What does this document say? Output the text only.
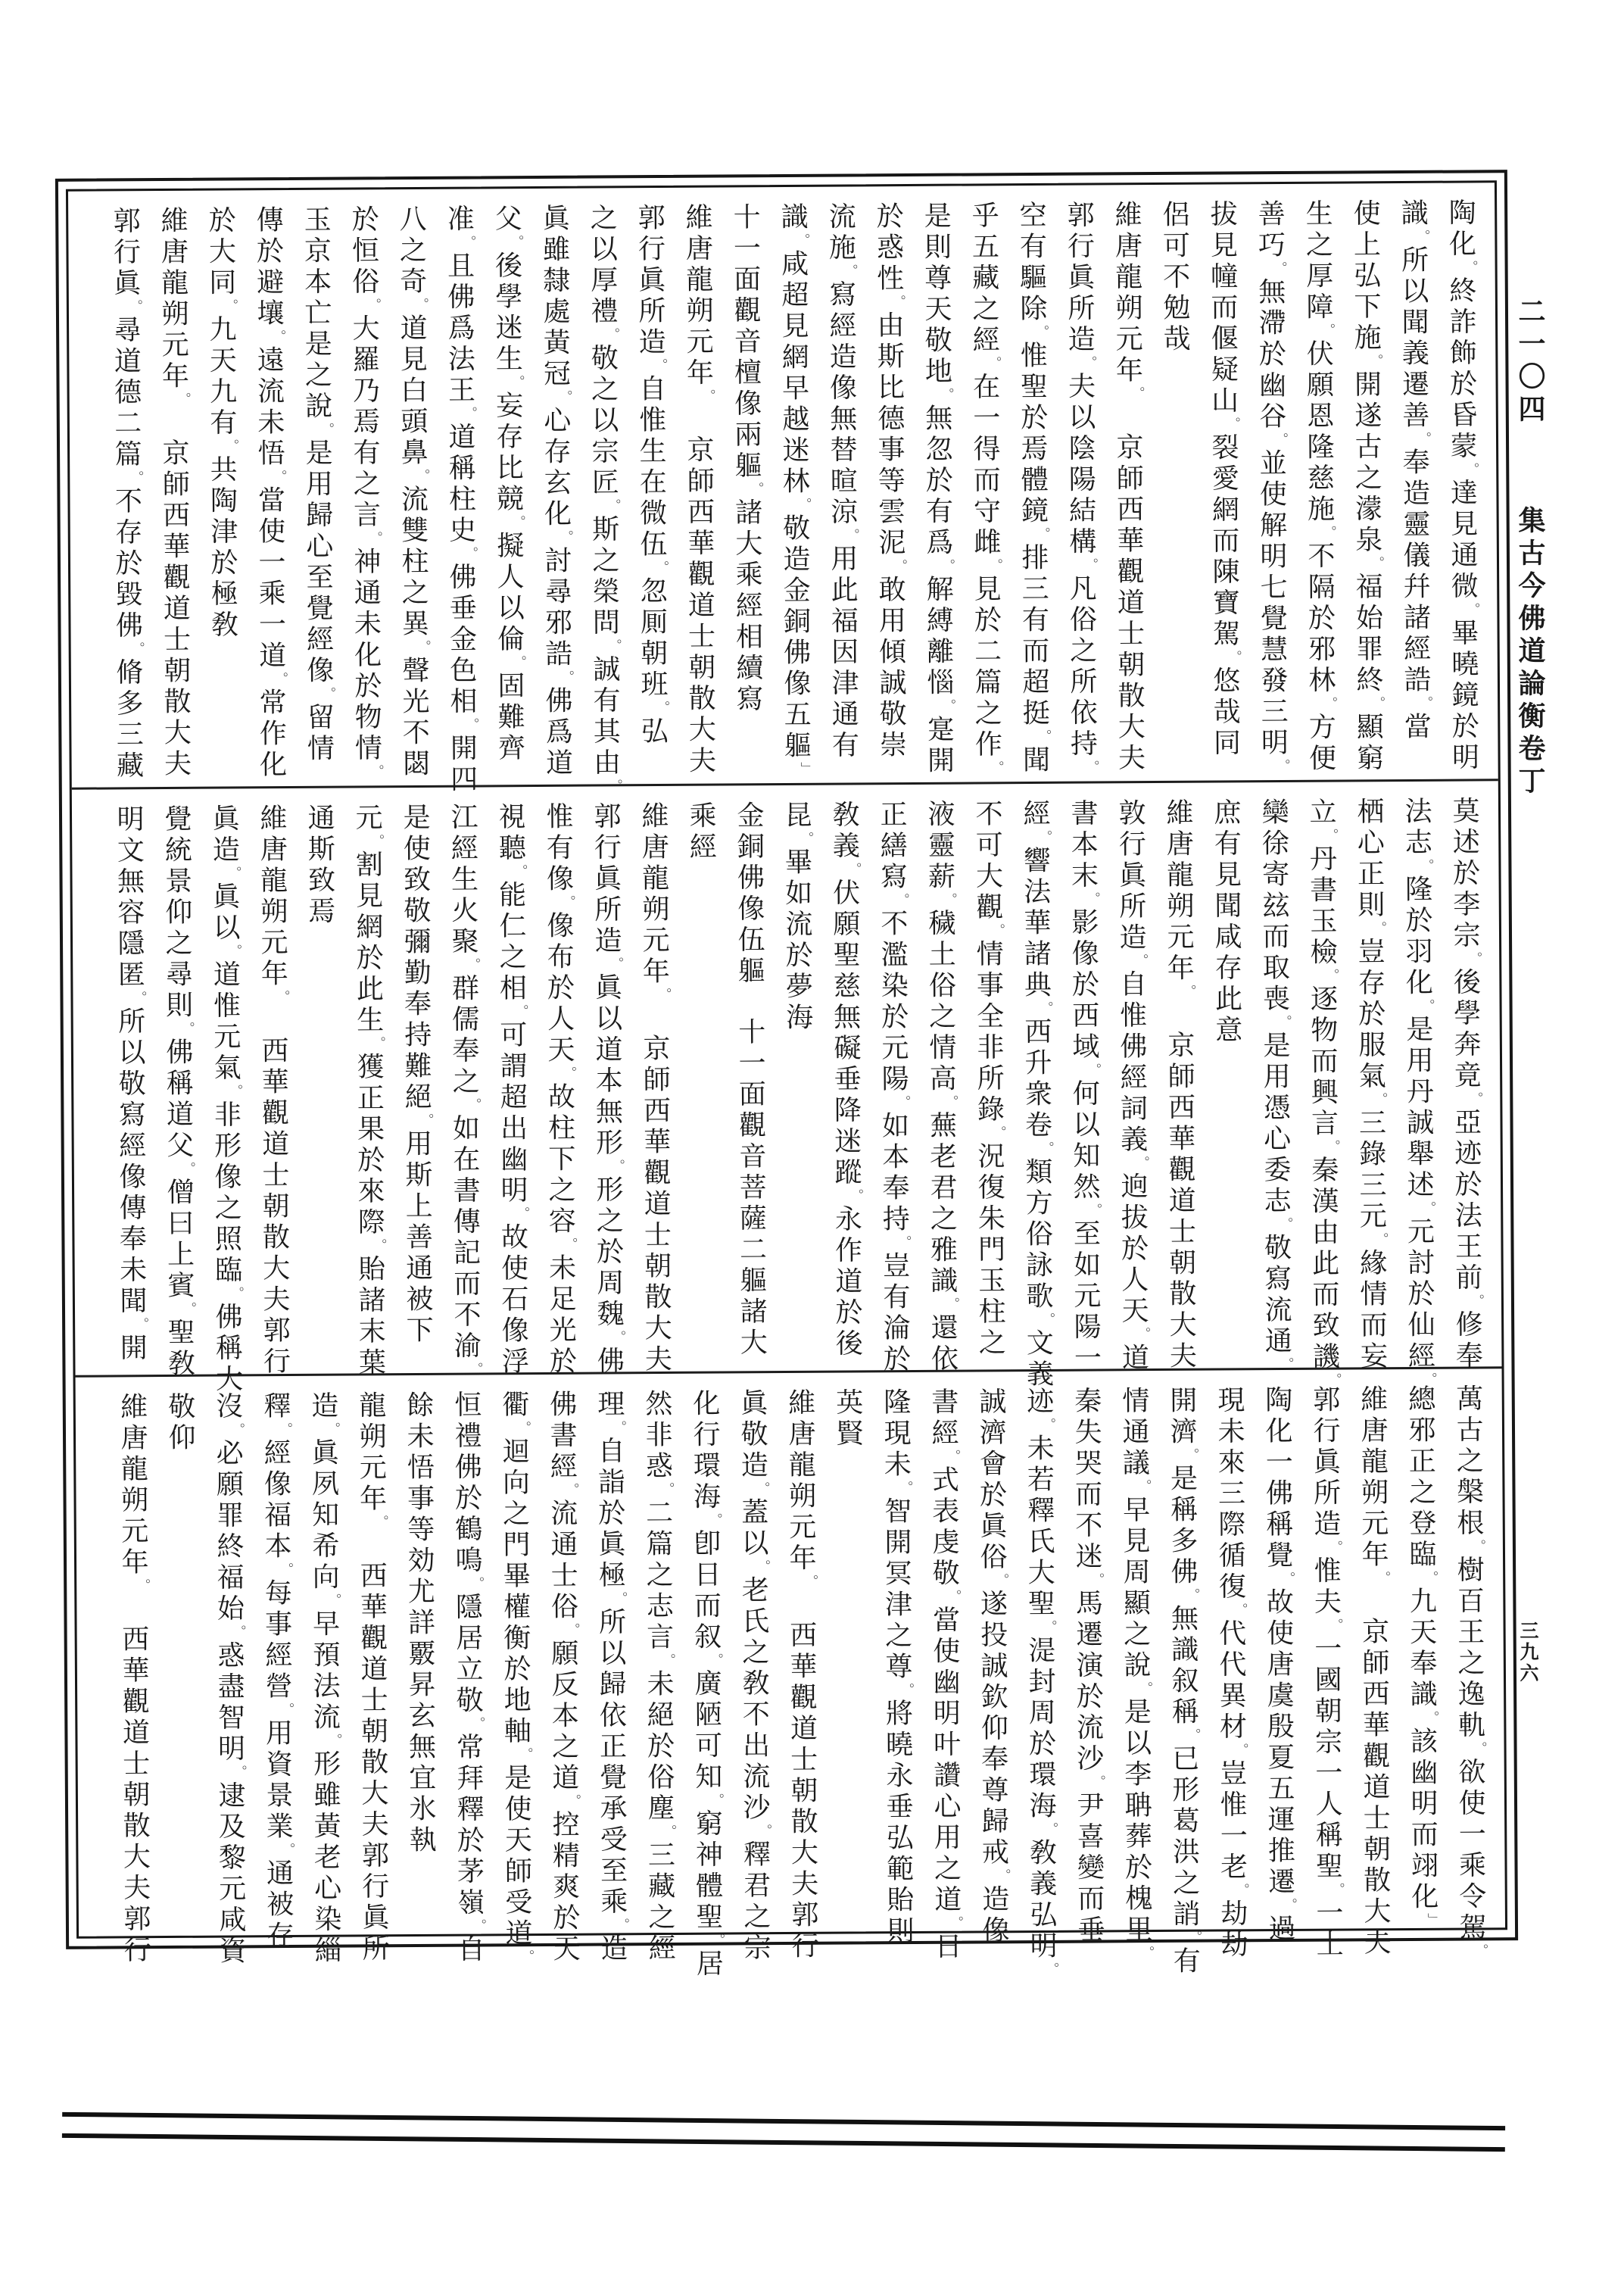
陶化。終詐飾於昏蒙。達見通微。畢曉鏡於明
識。所以聞義遷善。奉造靈儀幷諸經誥。當
使上弘下施。開遂古之濛泉。福始罪終。顯窮
生之厚障。伏願恩隆慈施。不隔於邪林。方便
善巧。無滯於幽谷。並使解明七覺慧發三明。
拔見幢而偃疑山。裂愛網而陳寶駕。悠哉同
侶可不勉哉
維唐龍朔元年。京師西華觀道士朝散大夫
郭行眞所造。夫以陰陽結構。凡俗之所依持。
空有驅除。惟聖於焉體鏡。排三有而超挺。聞
乎五藏之經。在一得而守雌。見於二篇之作。
是則尊天敬地。無忽於有爲。解縛離惱。寔開
於惑性。由斯比德事等雲泥。敢用傾誠敬崇
流施。寫經造像無替暄涼。用此福因津通有
識。咸超見網早越迷林。敬造金銅佛像五軀」
十一面觀音檀像兩軀。諸大乘經相續寫
維唐龍朔元年。京師西華觀道士朝散大夫
郭行眞所造。自惟生在微伍。忽厠朝班。弘
之以厚禮。敬之以宗匠。斯之榮問。誠有其由。
眞雖隸處黃冠。心存玄化。討尋邪誥。佛爲道
父。後學迷生。妄存比競。擬人以倫。固難齊
准。且佛爲法王。道稱柱史。佛垂金色相。開四
八之奇。道見白頭鼻。流雙柱之異。聲光不閟
於恒俗。大羅乃焉有之言。神通未化於物情。
玉京本亡是之說。是用歸心至覺經像。留情
傳於避壤。遠流未悟。當使一乘一道。常作化
於大同。九天九有。共陶津於極敎
維唐龍朔元年。京師西華觀道士朝散大夫
郭行眞。尋道德二篇。不存於毀佛。脩多三藏
莫述於李宗。後學奔竟。亞迹於法王前。修奉
法志。隆於羽化。是用丹誠舉述。元討於仙經。
栖心正則。豈存於服氣。三錄三元。緣情而妄
立。丹書玉檢。逐物而興言。秦漢由此而致譏。
欒徐寄玆而取喪。是用憑心委志。敬寫流通。
庶有見聞咸存此意
維唐龍朔元年。京師西華觀道士朝散大夫
敦行眞所造。自惟佛經詞義。逈拔於人天。道
書本末。影像於西域。何以知然。至如元陽一
經。響法華諸典。西升衆卷。類方俗詠歌。文義
不可大觀。情事全非所錄。況復朱門玉柱之
液靈薪。穢土俗之情高。蕪老君之雅識。還依
正繕寫。不濫染於元陽。如本奉持。豈有淪於
敎義。伏願聖慈無礙垂降迷蹤。永作道於後
昆。畢如流於夢海
金銅佛像伍軀十一面觀音菩薩二軀諸大
乘經
維唐龍朔元年。京師西華觀道士朝散大夫
郭行眞所造。眞以道本無形。形之於周魏。佛
惟有像。像布於人天。故柱下之容。未足光於
視聽。能仁之相。可謂超出幽明。故使石像浮
江經生火聚。群儒奉之。如在書傳記而不渝。
是使致敬彌勤奉持難絕。用斯上善通被下
元。割見網於此生。獲正果於來際。貽諸末葉
通斯致焉
維唐龍朔元年。西華觀道士朝散大夫郭行
眞造。眞以。道惟元氣。非形像之照臨。佛稱大
覺統景仰之尋則。佛稱道父。僧曰上賓。聖敎
明文無容隱匿。所以敬寫經像傳奉未聞。開
萬古之槃根。樹百王之逸軌。欲使一乘令駕。
總邪正之登臨。九天奉識。該幽明而翊化」
維唐龍朔元年。京師西華觀道士朝散大夫
郭行眞所造。惟夫。一國朝宗一人稱聖。一土
陶化一佛稱覺。故使唐虞殷夏五運推遷。過
現未來三際循復。代代異材。豈惟一老。劫劫
開濟。是稱多佛。無識叙稱。已形葛洪之誚。有
情通議。早見周顯之說。是以李聃葬於槐里。
秦失哭而不迷。馬遷演於流沙。尹喜變而垂
迹。未若釋氏大聖。湜封周於環海。敎義弘明。
誠濟會於眞俗。遂投誠欽仰奉尊歸戒。造像
書經。式表虔敬。當使幽明叶讚心用之道。日
隆現未。智開冥津之尊。將曉永垂弘範貽則
英賢
維唐龍朔元年。西華觀道士朝散大夫郭行
眞敬造。蓋以。老氏之敎不出流沙。釋君之宗
化行環海。卽日而叙。廣陋可知。窮神體聖。居
然非惑。二篇之志言。未絕於俗塵。三藏之經
理。自詣於眞極。所以歸依正覺承受至乘。造
佛書經。流通士俗。願反本之道。控精爽於天
衢。迴向之門畢權衡於地軸。是使天師受道。
恒禮佛於鶴鳴。隱居立敬。常拜釋於茅嶺。自
餘未悟事等効尤詳覈昇玄無宜氷執
龍朔元年。西華觀道士朝散大夫郭行眞所
造。眞夙知希向。早預法流。形雖黃老心染緇
釋。經像福本。每事經營。用資景業。通被存
沒。必願罪終福始。惑盡智明。逮及黎元咸資
敬仰
維唐龍朔元年。西華觀道士朝散大夫郭行
二一〇四集古今佛道論衡卷丁
三九六
